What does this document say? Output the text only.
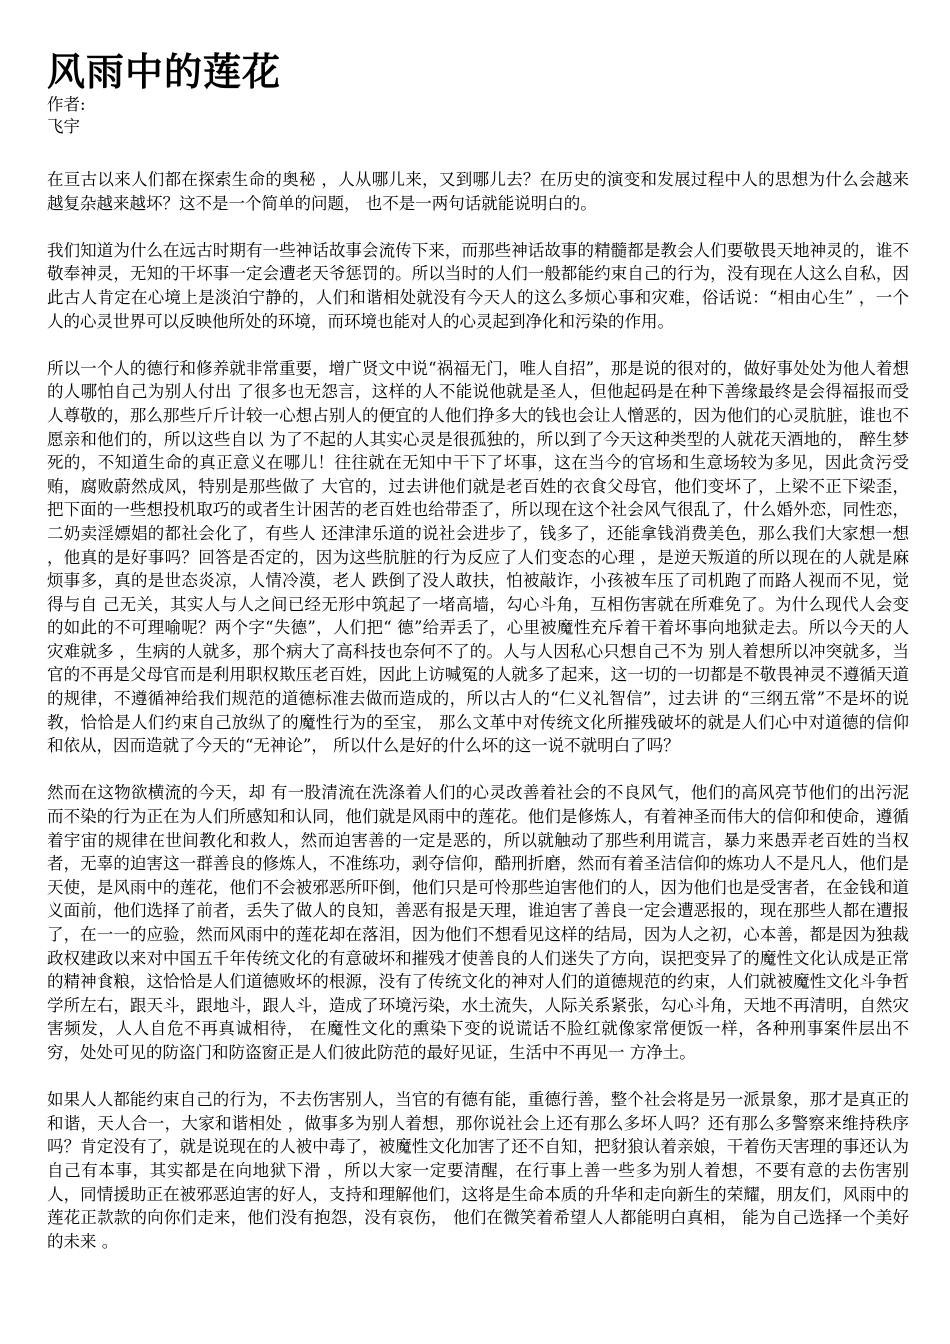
风雨中的莲花

作者:

飞宇

在亘古以来人们都在探索生命的奥秘 ，人从哪儿来，又到哪儿去？在历史的演变和发展过程中人的思想为什么会越来越复杂越来越坏？这不是一个简单的问题， 也不是一两句话就能说明白的。

我们知道为什么在远古时期有一些神话故事会流传下来，而那些神话故事的精髓都是教会人们要敬畏天地神灵的，谁不敬奉神灵，无知的干坏事一定会遭老天爷惩罚的。所以当时的人们一般都能约束自己的行为，没有现在人这么自私，因此古人肯定在心境上是淡泊宁静的，人们和谐相处就没有今天人的这么多烦心事和灾难，俗话说：“相由心生” ，一个人的心灵世界可以反映他所处的环境，而环境也能对人的心灵起到净化和污染的作用。

所以一个人的德行和修养就非常重要，增广贤文中说“祸福无门，唯人自招”，那是说的很对的，做好事处处为他人着想的人哪怕自己为别人付出 了很多也无怨言，这样的人不能说他就是圣人，但他起码是在种下善缘最终是会得福报而受人尊敬的，那么那些斤斤计较一心想占别人的便宜的人他们挣多大的钱也会让人憎恶的，因为他们的心灵肮脏，谁也不愿亲和他们的，所以这些自以 为了不起的人其实心灵是很孤独的，所以到了今天这种类型的人就花天酒地的， 醉生梦死的，不知道生命的真正意义在哪儿！往往就在无知中干下了坏事，这在当今的官场和生意场较为多见，因此贪污受贿，腐败蔚然成风，特别是那些做了 大官的，过去讲他们就是老百姓的衣食父母官，他们变坏了，上梁不正下梁歪， 把下面的一些想投机取巧的或者生计困苦的老百姓也给带歪了，所以现在这个社会风气很乱了，什么婚外恋，同性恋，二奶卖淫嫖娼的都社会化了，有些人 还津津乐道的说社会进步了，钱多了，还能拿钱消费美色，那么我们大家想一想 ，他真的是好事吗？回答是否定的，因为这些肮脏的行为反应了人们变态的心理 ，是逆天叛道的所以现在的人就是麻烦事多，真的是世态炎凉，人情冷漠，老人 跌倒了没人敢扶，怕被敲诈，小孩被车压了司机跑了而路人视而不见，觉得与自 己无关，其实人与人之间已经无形中筑起了一堵高墙，勾心斗角，互相伤害就在所难免了。为什么现代人会变的如此的不可理喻呢？两个字“失德”，人们把“ 德”给弄丢了，心里被魔性充斥着干着坏事向地狱走去。所以今天的人灾难就多 ，生病的人就多，那个病大了高科技也奈何不了的。人与人因私心只想自己不为 别人着想所以冲突就多，当官的不再是父母官而是利用职权欺压老百姓，因此上访喊冤的人就多了起来，这一切的一切都是不敬畏神灵不遵循天道的规律，不遵循神给我们规范的道德标准去做而造成的，所以古人的“仁义礼智信”，过去讲 的“三纲五常”不是坏的说教，恰恰是人们约束自己放纵了的魔性行为的至宝， 那么文革中对传统文化所摧残破坏的就是人们心中对道德的信仰和依从，因而造就了今天的“无神论”， 所以什么是好的什么坏的这一说不就明白了吗？

然而在这物欲横流的今天，却 有一股清流在洗涤着人们的心灵改善着社会的不良风气，他们的高风亮节他们的出污泥而不染的行为正在为人们所感知和认同，他们就是风雨中的莲花。他们是修炼人，有着神圣而伟大的信仰和使命，遵循着宇宙的规律在世间教化和救人，然而迫害善的一定是恶的，所以就触动了那些利用谎言，暴力来愚弄老百姓的当权者，无辜的迫害这一群善良的修炼人，不准练功，剥夺信仰，酷刑折磨，然而有着圣洁信仰的炼功人不是凡人，他们是天使，是风雨中的莲花，他们不会被邪恶所吓倒，他们只是可怜那些迫害他们的人，因为他们也是受害者，在金钱和道义面前，他们选择了前者，丢失了做人的良知，善恶有报是天理，谁迫害了善良一定会遭恶报的，现在那些人都在遭报了，在一一的应验，然而风雨中的莲花却在落泪，因为他们不想看见这样的结局，因为人之初，心本善，都是因为独裁政权建政以来对中国五千年传统文化的有意破坏和摧残才使善良的人们迷失了方向，误把变异了的魔性文化认成是正常的精神食粮，这恰恰是人们道德败坏的根源，没有了传统文化的神对人们的道德规范的约束，人们就被魔性文化斗争哲学所左右，跟天斗，跟地斗，跟人斗，造成了环境污染，水土流失，人际关系紧张，勾心斗角，天地不再清明，自然灾害频发，人人自危不再真诚相待， 在魔性文化的熏染下变的说谎话不脸红就像家常便饭一样，各种刑事案件层出不穷，处处可见的防盗门和防盗窗正是人们彼此防范的最好见证，生活中不再见一 方净土。

如果人人都能约束自己的行为，不去伤害别人，当官的有德有能，重德行善，整个社会将是另一派景象，那才是真正的和谐，天人合一，大家和谐相处 ，做事多为别人着想，那你说社会上还有那么多坏人吗？还有那么多警察来维持秩序吗？肯定没有了，就是说现在的人被中毒了，被魔性文化加害了还不自知，把豺狼认着亲娘，干着伤天害理的事还认为自己有本事，其实都是在向地狱下滑 ，所以大家一定要清醒，在行事上善一些多为别人着想，不要有意的去伤害别人，同情援助正在被邪恶迫害的好人，支持和理解他们，这将是生命本质的升华和走向新生的荣耀，朋友们，风雨中的莲花正款款的向你们走来，他们没有抱怨，没有哀伤， 他们在微笑着希望人人都能明白真相， 能为自己选择一个美好的未来 。
